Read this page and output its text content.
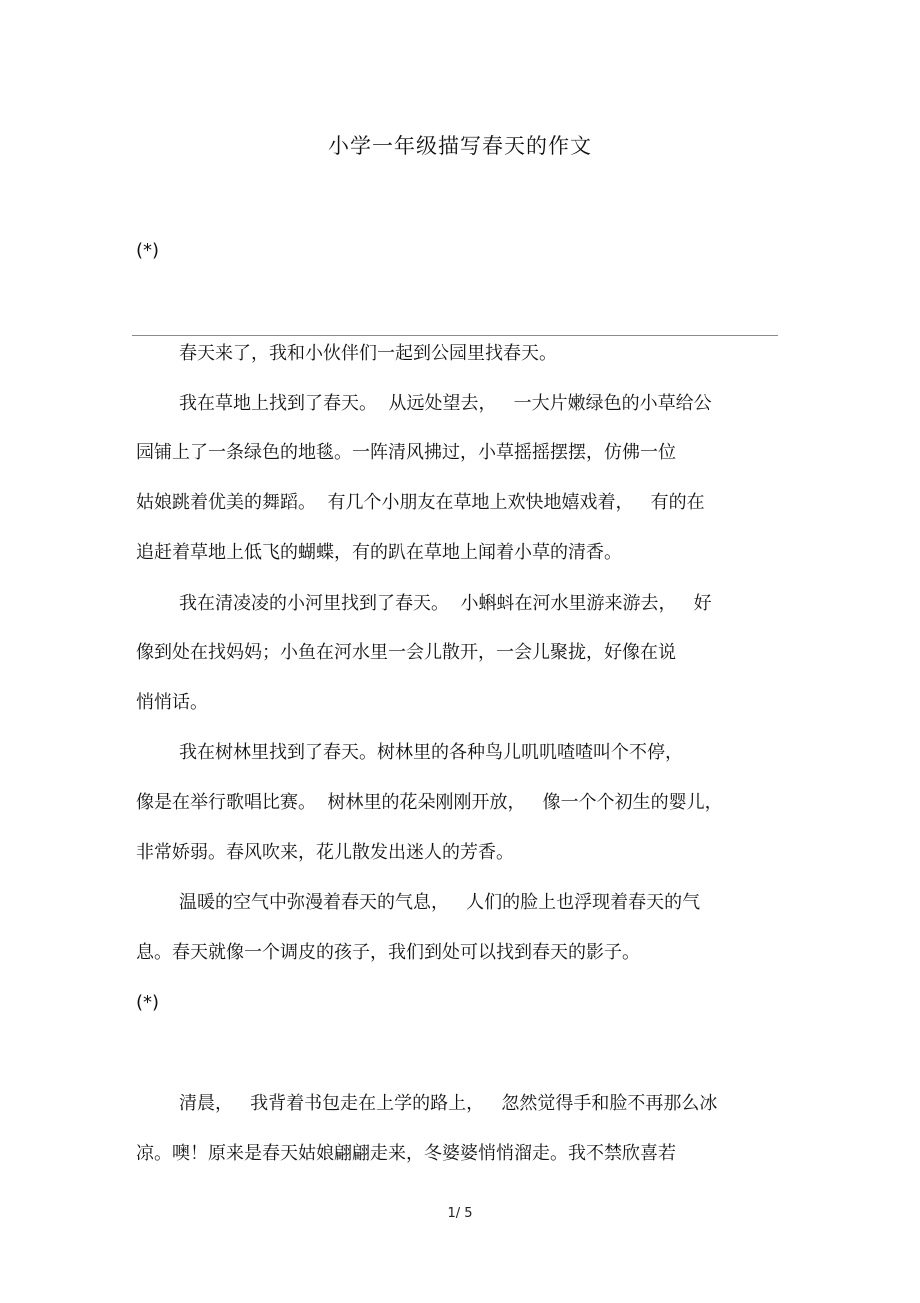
小学一年级描写春天的作文
(*)
春天来了，我和小伙伴们一起到公园里找春天。
我在草地上找到了春天。  从远处望去，   一大片嫩绿色的小草给公
园铺上了一条绿色的地毯。一阵清风拂过，小草摇摇摆摆，仿佛一位
姑娘跳着优美的舞蹈。  有几个小朋友在草地上欢快地嬉戏着，   有的在
追赶着草地上低飞的蝴蝶，有的趴在草地上闻着小草的清香。
我在清凌凌的小河里找到了春天。  小蝌蚪在河水里游来游去，   好
像到处在找妈妈；小鱼在河水里一会儿散开，一会儿聚拢，好像在说
悄悄话。
我在树林里找到了春天。树林里的各种鸟儿叽叽喳喳叫个不停，
像是在举行歌唱比赛。  树林里的花朵刚刚开放，   像一个个初生的婴儿，
非常娇弱。春风吹来，花儿散发出迷人的芳香。
温暖的空气中弥漫着春天的气息，   人们的脸上也浮现着春天的气
息。春天就像一个调皮的孩子，我们到处可以找到春天的影子。
(*)
清晨，   我背着书包走在上学的路上，   忽然觉得手和脸不再那么冰
凉。噢！原来是春天姑娘翩翩走来，冬婆婆悄悄溜走。我不禁欣喜若
1/ 5
